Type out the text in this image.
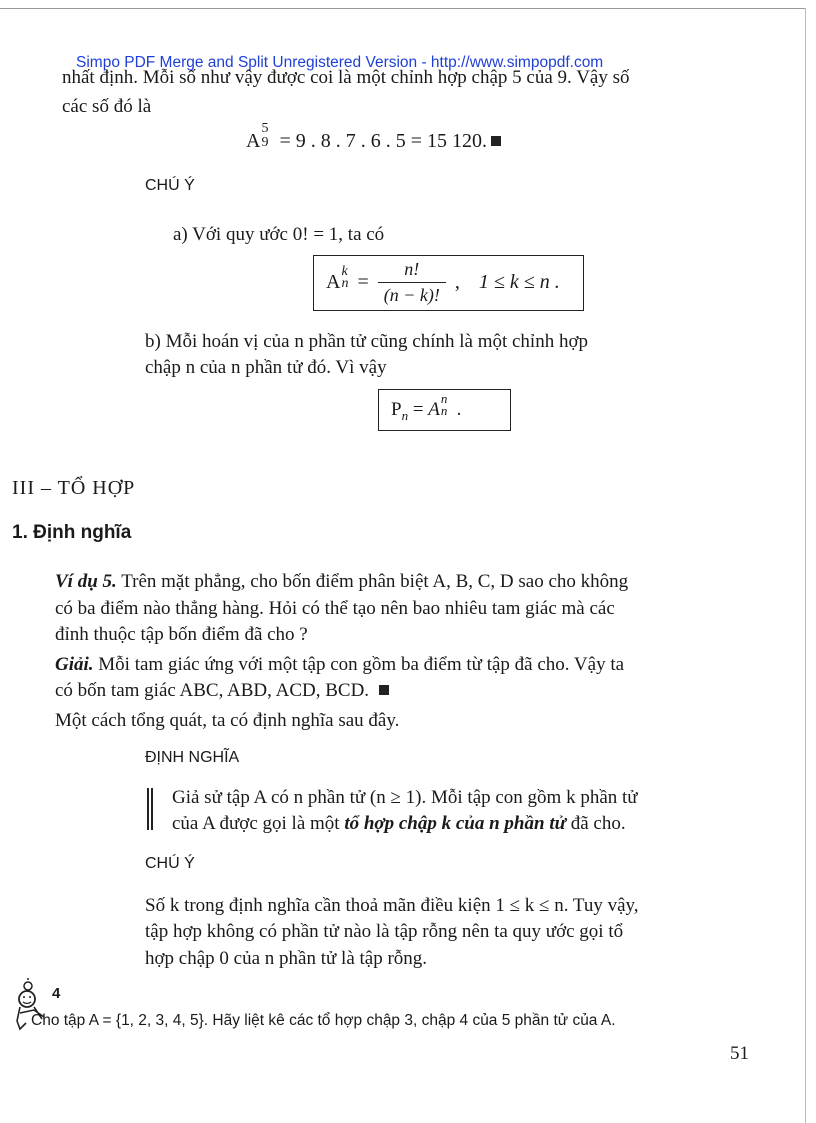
Simpo PDF Merge and Split Unregistered Version - http://www.simpopdf.com
nhất định. Mỗi số như vậy được coi là một chỉnh hợp chập 5 của 9. Vậy số
các số đó là
A
5
9 = 9 . 8 . 7 . 6 . 5 = 15 120.
CHÚ Ý
a) Với quy ước 0! = 1, ta có
A k
$n = \frac{n!}{(n - k)!}$ , 1 ≤ k ≤ n .
b) Mỗi hoán vị của n phần tử cũng chính là một chỉnh hợp
chập n của n phần tử đó. Vì vậy
$P_n = A$
n
n .
III – TỔ HỢP
1. Định nghĩa
Ví dụ 5. Trên mặt phẳng, cho bốn điểm phân biệt A, B, C, D sao cho không
có ba điểm nào thẳng hàng. Hỏi có thể tạo nên bao nhiêu tam giác mà các
đỉnh thuộc tập bốn điểm đã cho ?
Giải. Mỗi tam giác ứng với một tập con gồm ba điểm từ tập đã cho. Vậy ta
có bốn tam giác ABC, ABD, ACD, BCD.
Một cách tổng quát, ta có định nghĩa sau đây.
ĐỊNH NGHĨA
Giả sử tập A có n phần tử (n ≥ 1). Mỗi tập con gồm k phần tử
của A được gọi là một tổ hợp chập k của n phần tử đã cho.
CHÚ Ý
Số k trong định nghĩa cần thoả mãn điều kiện 1 ≤ k ≤ n. Tuy vậy,
tập hợp không có phần tử nào là tập rỗng nên ta quy ước gọi tổ
hợp chập 0 của n phần tử là tập rỗng.
4
Cho tập A = {1, 2, 3, 4, 5}. Hãy liệt kê các tổ hợp chập 3, chập 4 của 5 phần tử của A.
51
